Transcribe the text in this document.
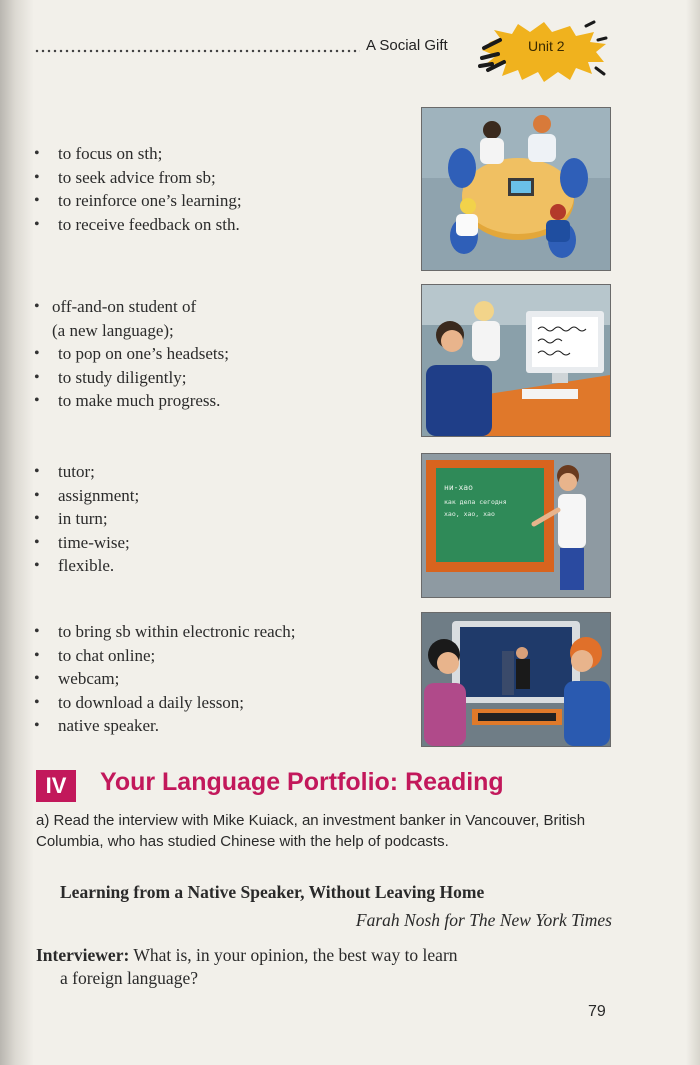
A Social Gift	Unit 2
• to focus on sth;
• to seek advice from sb;
• to reinforce one’s learning;
• to receive feedback on sth.
• off-and-on student of
(a new language);
• to pop on one’s headsets;
• to study diligently;
• to make much progress.
• tutor;
• assignment;
• in turn;
• time-wise;
• flexible.
ни-хао
как дела сегодня
хао, хао, хао
• to bring sb within electronic reach;
• to chat online;
• webcam;
• to download a daily lesson;
• native speaker.
IV	Your Language Portfolio: Reading
a) Read the interview with Mike Kuiack, an investment banker in Vancouver, British Columbia, who has studied Chinese with the help of podcasts.
Learning from a Native Speaker, Without Leaving Home
Farah Nosh for The New York Times
Interviewer: What is, in your opinion, the best way to learn
a foreign language?
79
